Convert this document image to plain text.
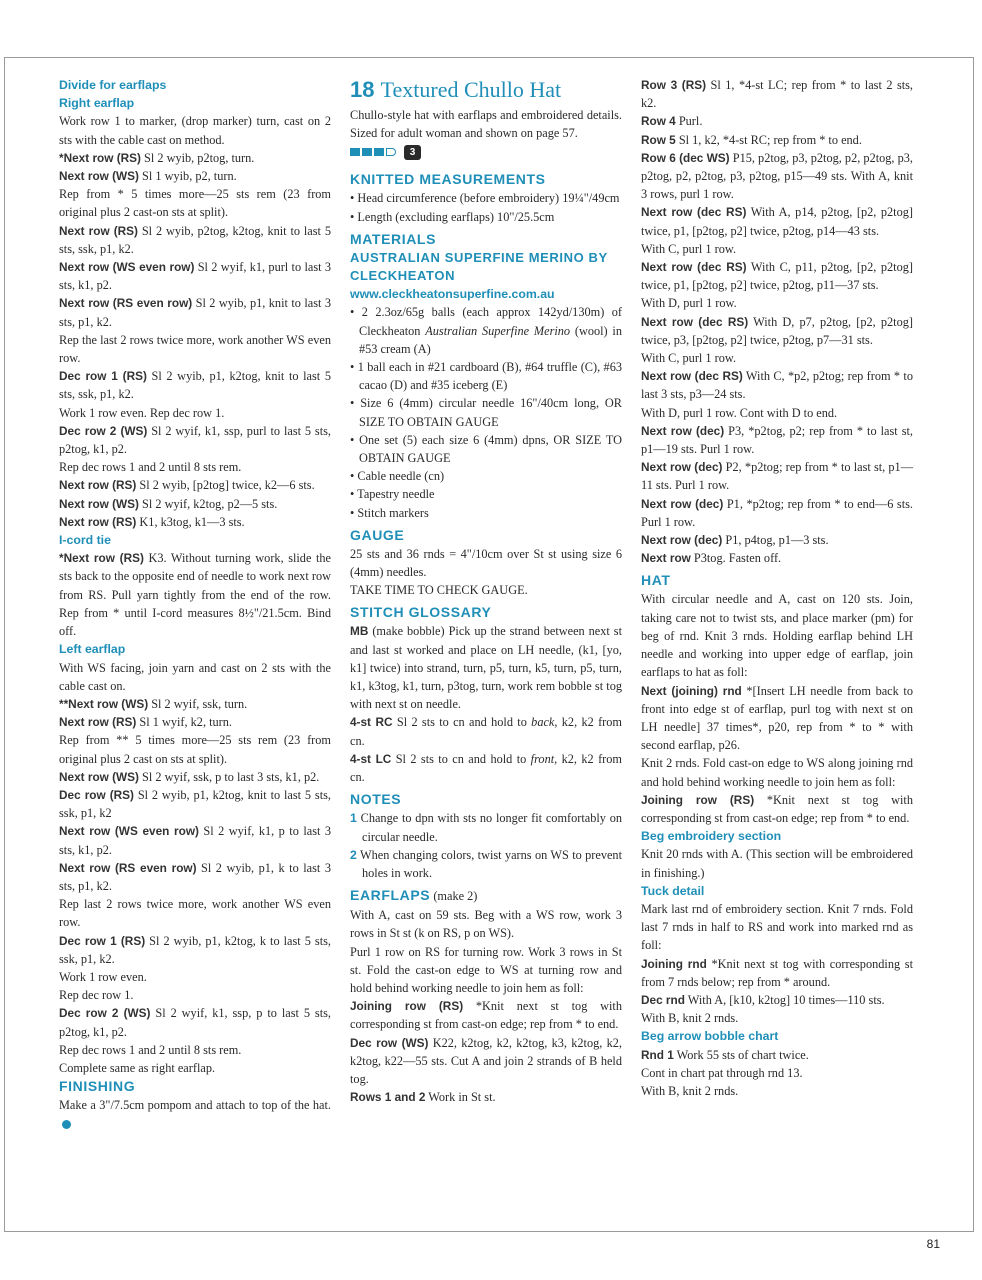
Divide for earflaps

Right earflap

Work row 1 to marker, (drop marker) turn, cast on 2 sts with the cable cast on method.

*Next row (RS) Sl 2 wyib, p2tog, turn.

Next row (WS) Sl 1 wyib, p2, turn.

Rep from * 5 times more—25 sts rem (23 from original plus 2 cast-on sts at split).

Next row (RS) Sl 2 wyib, p2tog, k2tog, knit to last 5 sts, ssk, p1, k2.

Next row (WS even row) Sl 2 wyif, k1, purl to last 3 sts, k1, p2.

Next row (RS even row) Sl 2 wyib, p1, knit to last 3 sts, p1, k2.

Rep the last 2 rows twice more, work another WS even row.

Dec row 1 (RS) Sl 2 wyib, p1, k2tog, knit to last 5 sts, ssk, p1, k2.

Work 1 row even. Rep dec row 1.

Dec row 2 (WS) Sl 2 wyif, k1, ssp, purl to last 5 sts, p2tog, k1, p2.

Rep dec rows 1 and 2 until 8 sts rem.

Next row (RS) Sl 2 wyib, [p2tog] twice, k2—6 sts.

Next row (WS) Sl 2 wyif, k2tog, p2—5 sts.

Next row (RS) K1, k3tog, k1—3 sts.

I-cord tie

*Next row (RS) K3. Without turning work, slide the sts back to the opposite end of needle to work next row from RS. Pull yarn tightly from the end of the row. Rep from * until I-cord measures 8½"/21.5cm. Bind off.

Left earflap

With WS facing, join yarn and cast on 2 sts with the cable cast on.

**Next row (WS) Sl 2 wyif, ssk, turn.

Next row (RS) Sl 1 wyif, k2, turn.

Rep from ** 5 times more—25 sts rem (23 from original plus 2 cast on sts at split).

Next row (WS) Sl 2 wyif, ssk, p to last 3 sts, k1, p2.

Dec row (RS) Sl 2 wyib, p1, k2tog, knit to last 5 sts, ssk, p1, k2

Next row (WS even row) Sl 2 wyif, k1, p to last 3 sts, k1, p2.

Next row (RS even row) Sl 2 wyib, p1, k to last 3 sts, p1, k2.

Rep last 2 rows twice more, work another WS even row.

Dec row 1 (RS) Sl 2 wyib, p1, k2tog, k to last 5 sts, ssk, p1, k2.

Work 1 row even.

Rep dec row 1.

Dec row 2 (WS) Sl 2 wyif, k1, ssp, p to last 5 sts, p2tog, k1, p2.

Rep dec rows 1 and 2 until 8 sts rem.

Complete same as right earflap.

FINISHING

Make a 3"/7.5cm pompom and attach to top of the hat.

18 Textured Chullo Hat

Chullo-style hat with earflaps and embroidered details. Sized for adult woman and shown on page 57.

3

KNITTED MEASUREMENTS

• Head circumference (before embroidery) 19¼"/49cm

• Length (excluding earflaps) 10"/25.5cm

MATERIALS

AUSTRALIAN SUPERFINE MERINO BY CLECKHEATON

www.cleckheatonsuperfine.com.au

• 2 2.3oz/65g balls (each approx 142yd/130m) of Cleckheaton Australian Superfine Merino (wool) in #53 cream (A)

• 1 ball each in #21 cardboard (B), #64 truffle (C), #63 cacao (D) and #35 iceberg (E)

• Size 6 (4mm) circular needle 16"/40cm long, OR SIZE TO OBTAIN GAUGE

• One set (5) each size 6 (4mm) dpns, OR SIZE TO OBTAIN GAUGE

• Cable needle (cn)

• Tapestry needle

• Stitch markers

GAUGE

25 sts and 36 rnds = 4"/10cm over St st using size 6 (4mm) needles.

TAKE TIME TO CHECK GAUGE.

STITCH GLOSSARY

MB (make bobble) Pick up the strand between next st and last st worked and place on LH needle, (k1, [yo, k1] twice) into strand, turn, p5, turn, k5, turn, p5, turn, k1, k3tog, k1, turn, p3tog, turn, work rem bobble st tog with next st on needle.

4-st RC Sl 2 sts to cn and hold to back, k2, k2 from cn.

4-st LC Sl 2 sts to cn and hold to front, k2, k2 from cn.

NOTES

1 Change to dpn with sts no longer fit comfortably on circular needle.

2 When changing colors, twist yarns on WS to prevent holes in work.

EARFLAPS (make 2)

With A, cast on 59 sts. Beg with a WS row, work 3 rows in St st (k on RS, p on WS).

Purl 1 row on RS for turning row. Work 3 rows in St st. Fold the cast-on edge to WS at turning row and hold behind working needle to join hem as foll:

Joining row (RS) *Knit next st tog with corresponding st from cast-on edge; rep from * to end.

Dec row (WS) K22, k2tog, k2, k2tog, k3, k2tog, k2, k2tog, k22—55 sts. Cut A and join 2 strands of B held tog.

Rows 1 and 2 Work in St st.

Row 3 (RS) Sl 1, *4-st LC; rep from * to last 2 sts, k2.

Row 4 Purl.

Row 5 Sl 1, k2, *4-st RC; rep from * to end.

Row 6 (dec WS) P15, p2tog, p3, p2tog, p2, p2tog, p3, p2tog, p2, p2tog, p3, p2tog, p15—49 sts. With A, knit 3 rows, purl 1 row.

Next row (dec RS) With A, p14, p2tog, [p2, p2tog] twice, p1, [p2tog, p2] twice, p2tog, p14—43 sts.

With C, purl 1 row.

Next row (dec RS) With C, p11, p2tog, [p2, p2tog] twice, p1, [p2tog, p2] twice, p2tog, p11—37 sts.

With D, purl 1 row.

Next row (dec RS) With D, p7, p2tog, [p2, p2tog] twice, p3, [p2tog, p2] twice, p2tog, p7—31 sts.

With C, purl 1 row.

Next row (dec RS) With C, *p2, p2tog; rep from * to last 3 sts, p3—24 sts.

With D, purl 1 row. Cont with D to end.

Next row (dec) P3, *p2tog, p2; rep from * to last st, p1—19 sts. Purl 1 row.

Next row (dec) P2, *p2tog; rep from * to last st, p1—11 sts. Purl 1 row.

Next row (dec) P1, *p2tog; rep from * to end—6 sts. Purl 1 row.

Next row (dec) P1, p4tog, p1—3 sts.

Next row P3tog. Fasten off.

HAT

With circular needle and A, cast on 120 sts. Join, taking care not to twist sts, and place marker (pm) for beg of rnd. Knit 3 rnds. Holding earflap behind LH needle and working into upper edge of earflap, join earflaps to hat as foll:

Next (joining) rnd *[Insert LH needle from back to front into edge st of earflap, purl tog with next st on LH needle] 37 times*, p20, rep from * to * with second earflap, p26.

Knit 2 rnds. Fold cast-on edge to WS along joining rnd and hold behind working needle to join hem as foll:

Joining row (RS) *Knit next st tog with corresponding st from cast-on edge; rep from * to end.

Beg embroidery section

Knit 20 rnds with A. (This section will be embroidered in finishing.)

Tuck detail

Mark last rnd of embroidery section. Knit 7 rnds. Fold last 7 rnds in half to RS and work into marked rnd as foll:

Joining rnd *Knit next st tog with corresponding st from 7 rnds below; rep from * around.

Dec rnd With A, [k10, k2tog] 10 times—110 sts.

With B, knit 2 rnds.

Beg arrow bobble chart

Rnd 1 Work 55 sts of chart twice.

Cont in chart pat through rnd 13.

With B, knit 2 rnds.

81
